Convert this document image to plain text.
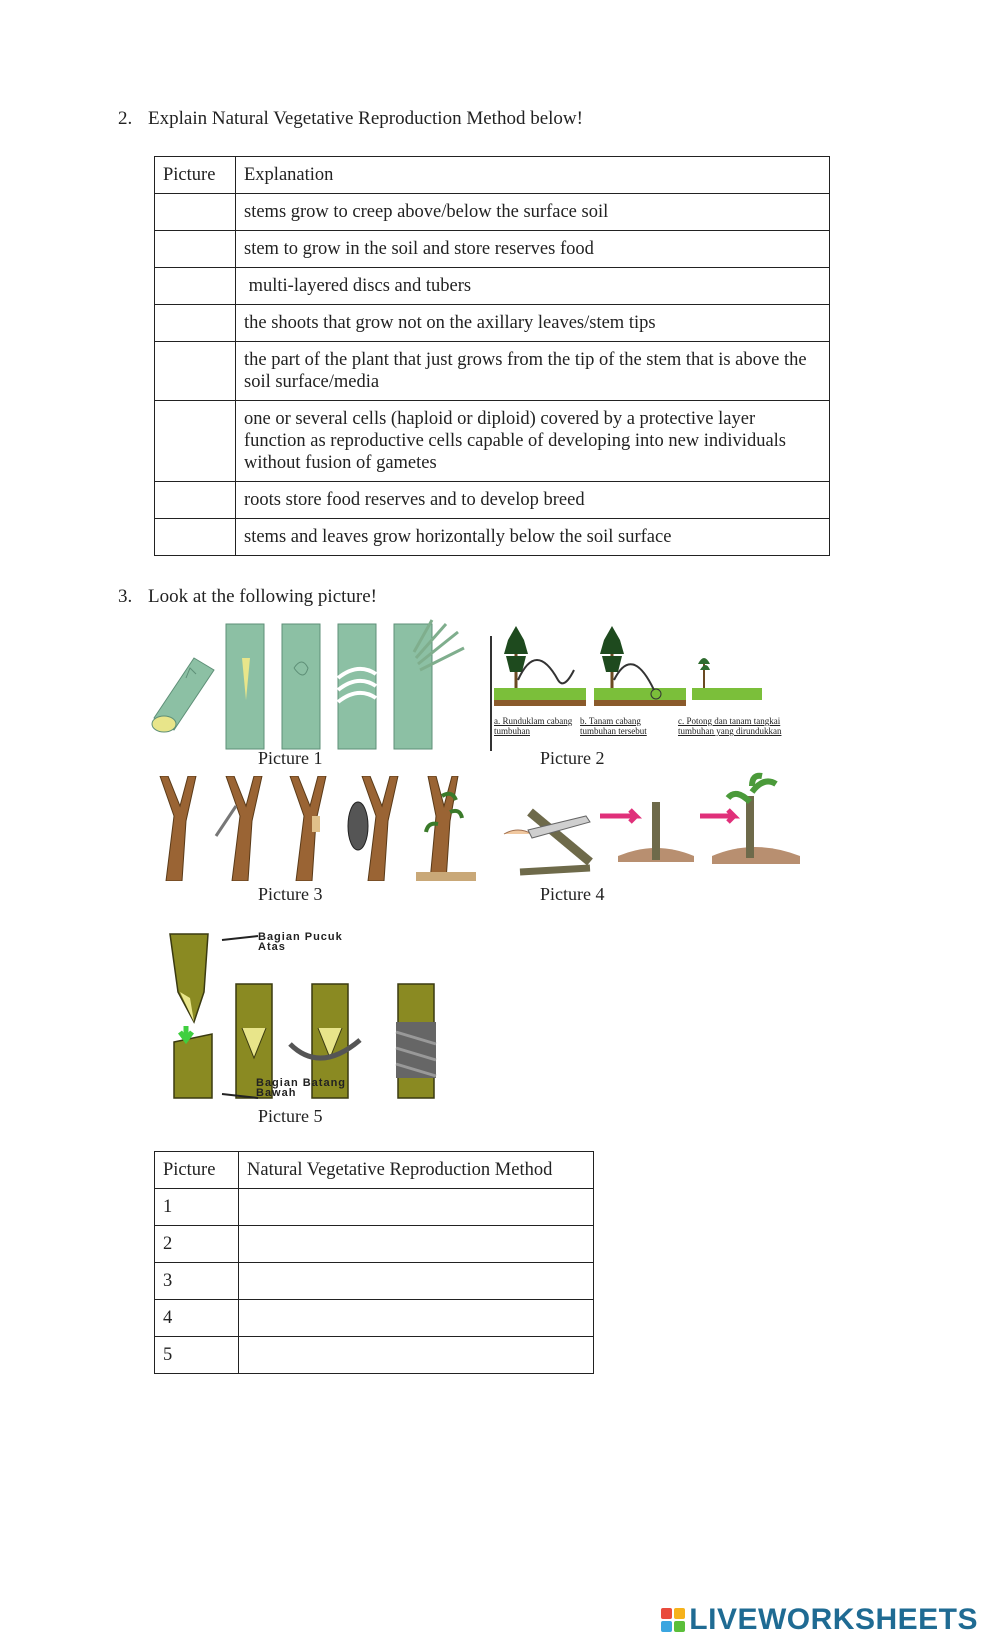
2. Explain Natural Vegetative Reproduction Method below!
Picture	Explanation
	stems grow to creep above/below the surface soil
	stem to grow in the soil and store reserves food
	multi-layered discs and tubers
	the shoots that grow not on the axillary leaves/stem tips
	the part of the plant that just grows from the tip of the stem that is above the soil surface/media
	one or several cells (haploid or diploid) covered by a protective layer function as reproductive cells capable of developing into new individuals without fusion of gametes
	roots store food reserves and to develop breed
	stems and leaves grow horizontally below the soil surface
3. Look at the following picture!
a. Runduklam cabang tumbuhan
b. Tanam cabang tumbuhan tersebut
c. Potong dan tanam tangkai tumbuhan yang dirundukkan
Picture 1	Picture 2
Picture 3	Picture 4
Bagian Pucuk Atas
Bagian Batang Bawah
Picture 5
Picture	Natural Vegetative Reproduction Method
1	
2	
3	
4	
5	
LIVEWORKSHEETS
